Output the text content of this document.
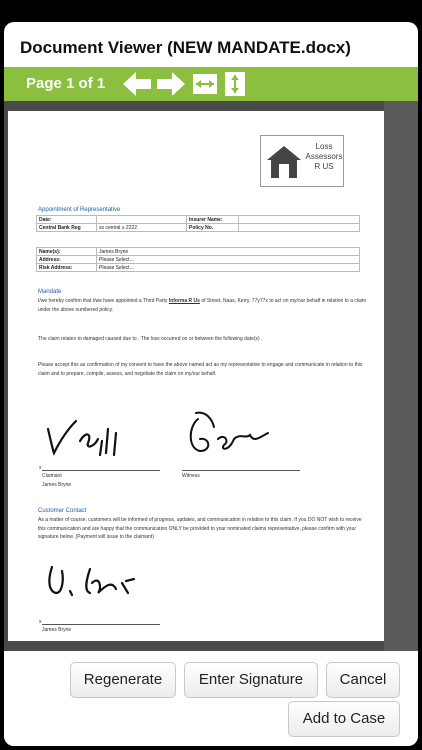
Document Viewer (NEW MANDATE.docx)
Page 1 of 1
Loss
Assessors
R US
Appointment of Representative
Date:		Insurer Name:	
Central Bank Reg	ss central ≥ 2222	Policy No.	
Name(s):	James Bryne
Address:	Please Select...
Risk Address:	Please Select...
Mandate
I/we hereby confirm that I/we have appointed a Third Party Informa R Us of Street, Naas, Kerry, 77y77x to act on my/our behalf in relation to a claim under the above numbered policy.
The claim relates to damaged caused due to . The loss occurred on or between the following date(s) .
Please accept this as confirmation of my consent to have the above named act as my representative to engage and communicate in relation to this claim and to prepare, compile, assess, and negotiate the claim on my/our behalf.
x
Claimant
James Bryne
Witness
Customer Contact
As a matter of course, customers will be informed of progress, updates, and communication in relation to this claim. If you DO NOT wish to receive this communication and are happy that the communication ONLY be provided to your nominated claims representative, please confirm with your signature below. (Payment will issue to the claimant)
x
James Bryne
Regenerate	Enter Signature	Cancel
Add to Case
